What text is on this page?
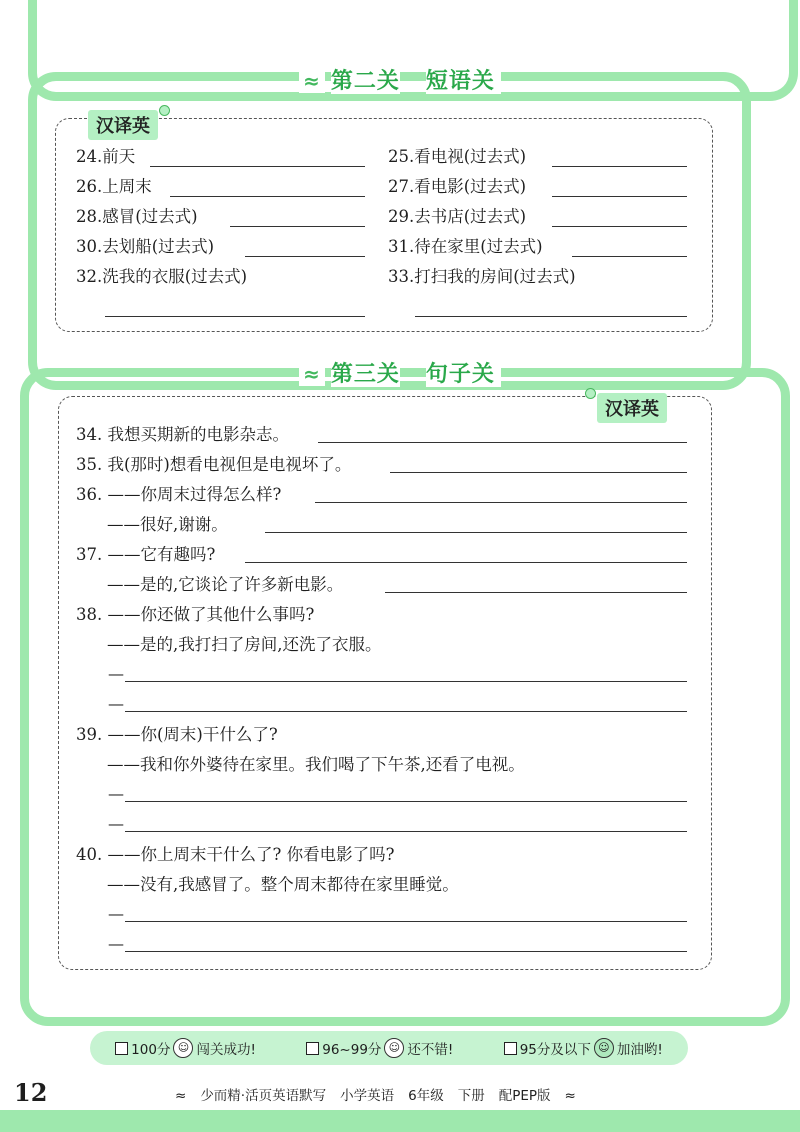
≈ 第二关 短语关
汉译英
24.前天	25.看电视(过去式)
26.上周末	27.看电影(过去式)
28.感冒(过去式)	29.去书店(过去式)
30.去划船(过去式)	31.待在家里(过去式)
32.洗我的衣服(过去式)	33.打扫我的房间(过去式)
≈ 第三关 句子关
汉译英
34. 我想买期新的电影杂志。
35. 我(那时)想看电视但是电视坏了。
36. ——你周末过得怎么样?
——很好,谢谢。
37. ——它有趣吗?
——是的,它谈论了许多新电影。
38. ——你还做了其他什么事吗?
——是的,我打扫了房间,还洗了衣服。
—
—
39. ——你(周末)干什么了?
——我和你外婆待在家里。我们喝了下午茶,还看了电视。
—
—
40. ——你上周末干什么了? 你看电影了吗?
——没有,我感冒了。整个周末都待在家里睡觉。
—
—
100分 ☺ 闯关成功!	96~99分 ☺ 还不错!	95分及以下 ☺ 加油哟!
12	≈ 少而精·活页英语默写 小学英语 6年级 下册 配PEP版 ≈
